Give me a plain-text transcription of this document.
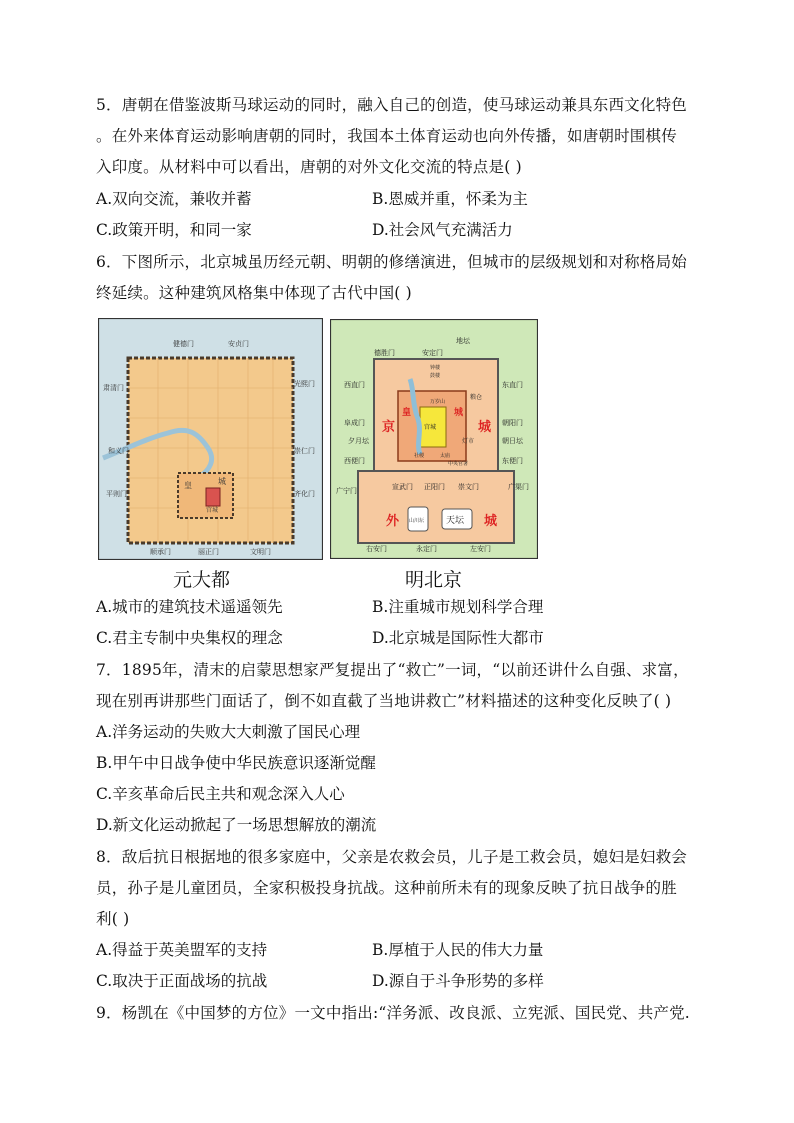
5．唐朝在借鉴波斯马球运动的同时，融入自己的创造，使马球运动兼具东西文化特色
。在外来体育运动影响唐朝的同时，我国本土体育运动也向外传播，如唐朝时围棋传
入印度。从材料中可以看出，唐朝的对外文化交流的特点是( )
A.双向交流，兼收并蓄	B.恩威并重，怀柔为主
C.政策开明，和同一家	D.社会风气充满活力
6．下图所示，北京城虽历经元朝、明朝的修缮演进，但城市的层级规划和对称格局始
终延续。这种建筑风格集中体现了古代中国( )
皇	城
宫城
健德门	安贞门
肃清门	光熙门
和义门	崇仁门
平则门	齐化门
顺承门	丽正门	文明门
元大都
京	城
皇	城
外	城
天坛
山川坛
宫城
钟楼
鼓楼
万岁山
粮仓
灯市
太庙
社稷
中央官署
地坛
德胜门	安定门
西直门	东直门
阜成门	朝阳门
夕月坛	朝日坛
西便门	东便门
广宁门	广渠门
宣武门 正阳门 崇文门
右安门	永定门	左安门
明北京
A.城市的建筑技术遥遥领先	B.注重城市规划科学合理
C.君主专制中央集权的理念	D.北京城是国际性大都市
7．1895年，清末的启蒙思想家严复提出了“救亡”一词，“以前还讲什么自强、求富，
现在别再讲那些门面话了，倒不如直截了当地讲救亡”材料描述的这种变化反映了( )
A.洋务运动的失败大大刺激了国民心理
B.甲午中日战争使中华民族意识逐渐觉醒
C.辛亥革命后民主共和观念深入人心
D.新文化运动掀起了一场思想解放的潮流
8．敌后抗日根据地的很多家庭中，父亲是农救会员，儿子是工救会员，媳妇是妇救会
员，孙子是儿童团员，全家积极投身抗战。这种前所未有的现象反映了抗日战争的胜
利( )
A.得益于英美盟军的支持	B.厚植于人民的伟大力量
C.取决于正面战场的抗战	D.源自于斗争形势的多样
9．杨凯在《中国梦的方位》一文中指出:“洋务派、改良派、立宪派、国民党、共产党.
